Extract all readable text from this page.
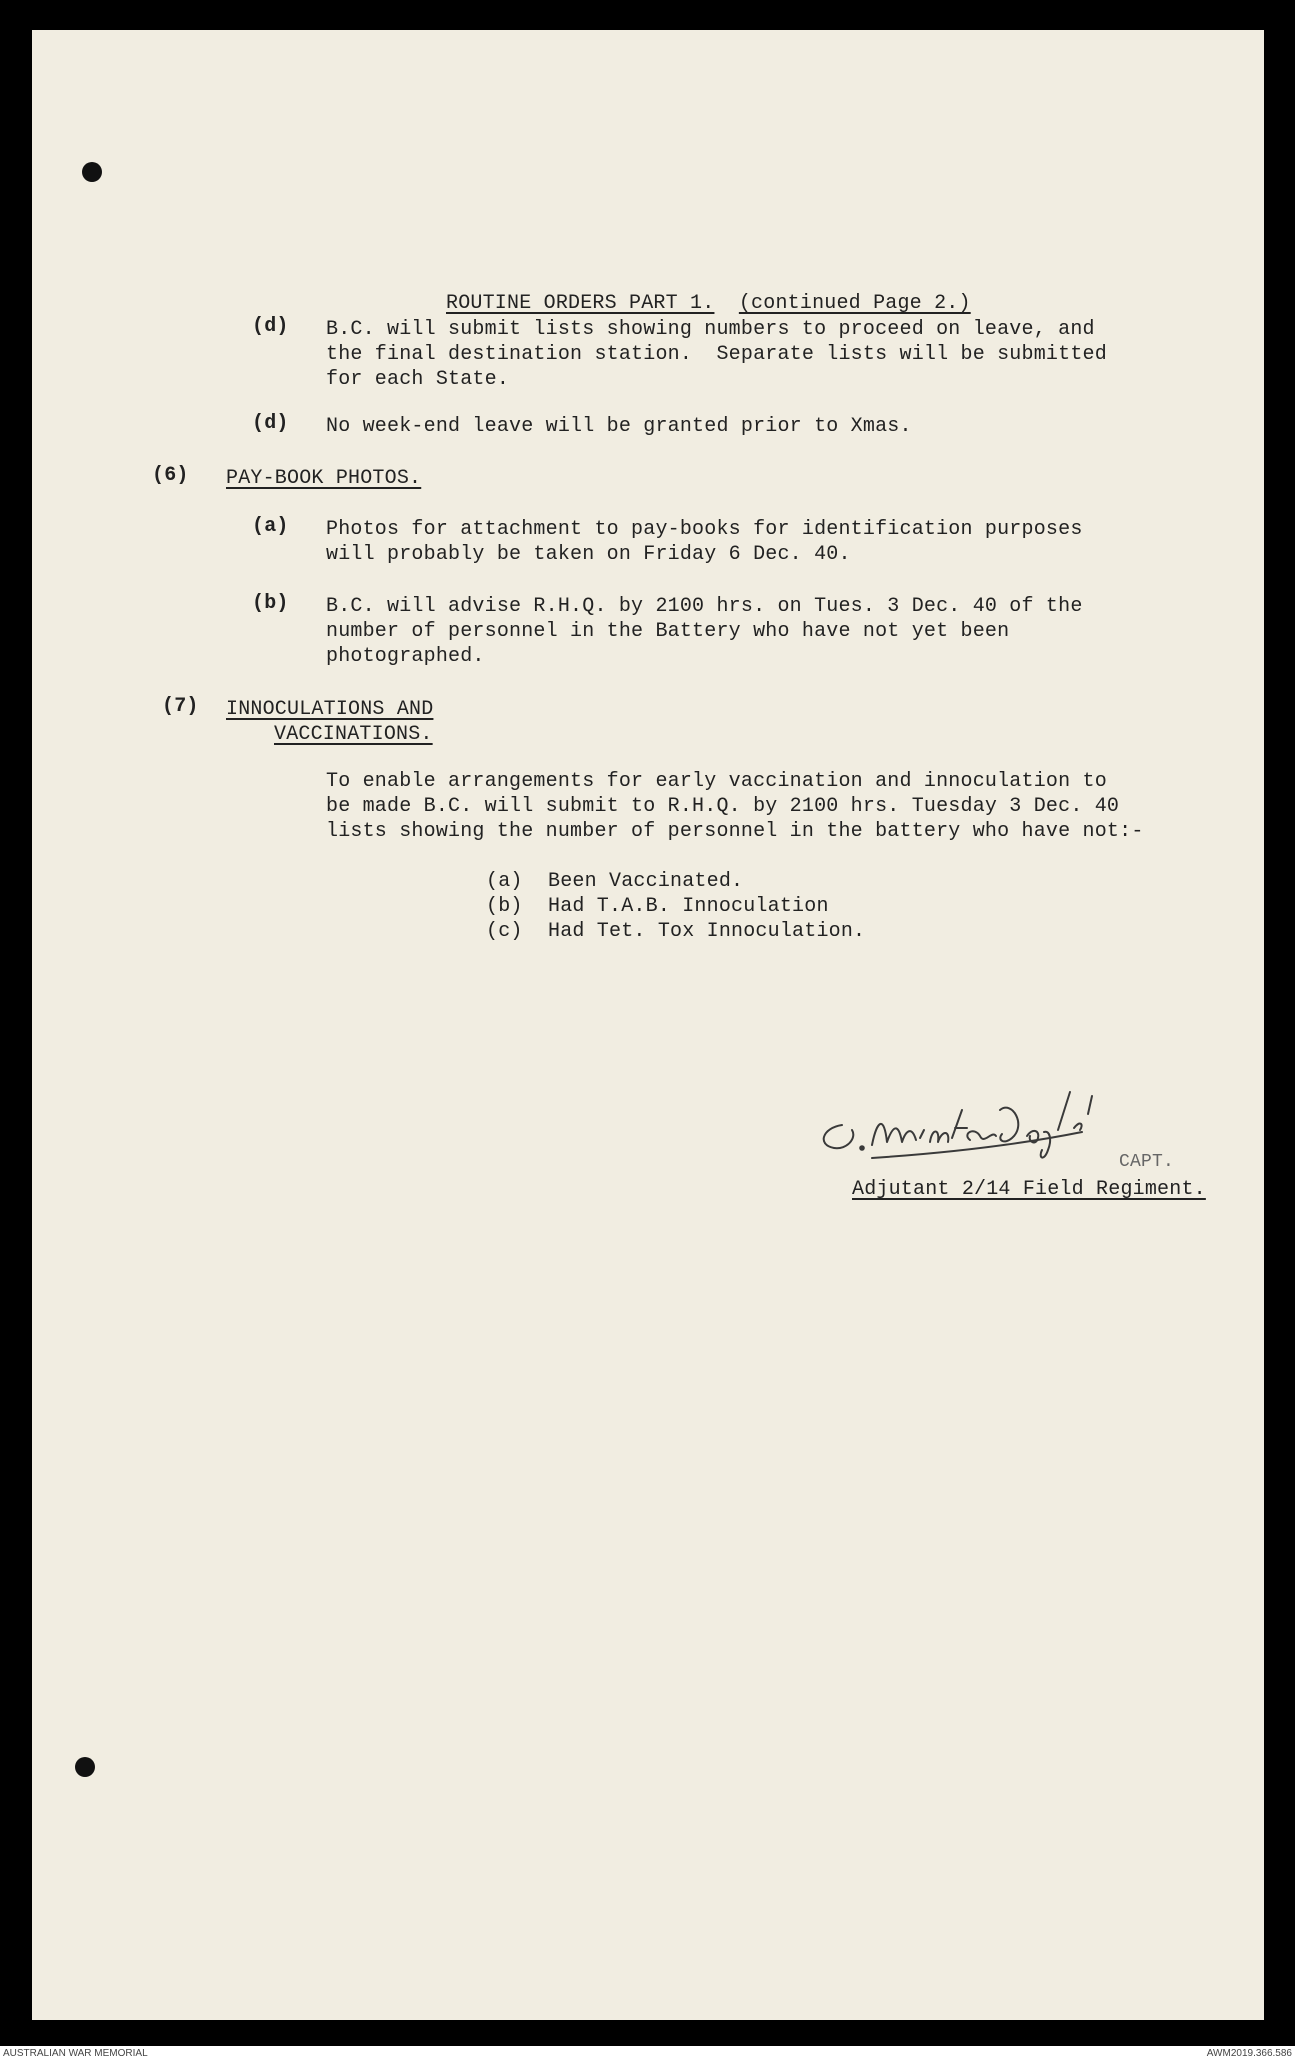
ROUTINE ORDERS PART 1. (continued Page 2.)
(d) B.C. will submit lists showing numbers to proceed on leave, and
the final destination station.  Separate lists will be submitted
for each State.
(d) No week-end leave will be granted prior to Xmas.
(6) PAY-BOOK PHOTOS.
(a) Photos for attachment to pay-books for identification purposes
will probably be taken on Friday 6 Dec. 40.
(b) B.C. will advise R.H.Q. by 2100 hrs. on Tues. 3 Dec. 40 of the
number of personnel in the Battery who have not yet been
photographed.
(7) INNOCULATIONS AND
VACCINATIONS.
To enable arrangements for early vaccination and innoculation to
be made B.C. will submit to R.H.Q. by 2100 hrs. Tuesday 3 Dec. 40
lists showing the number of personnel in the battery who have not:-
(a) Been Vaccinated.
(b) Had T.A.B. Innoculation
(c) Had Tet. Tox Innoculation.
CAPT.
Adjutant 2/14 Field Regiment.
AUSTRALIAN WAR MEMORIAL	AWM2019.366.586
